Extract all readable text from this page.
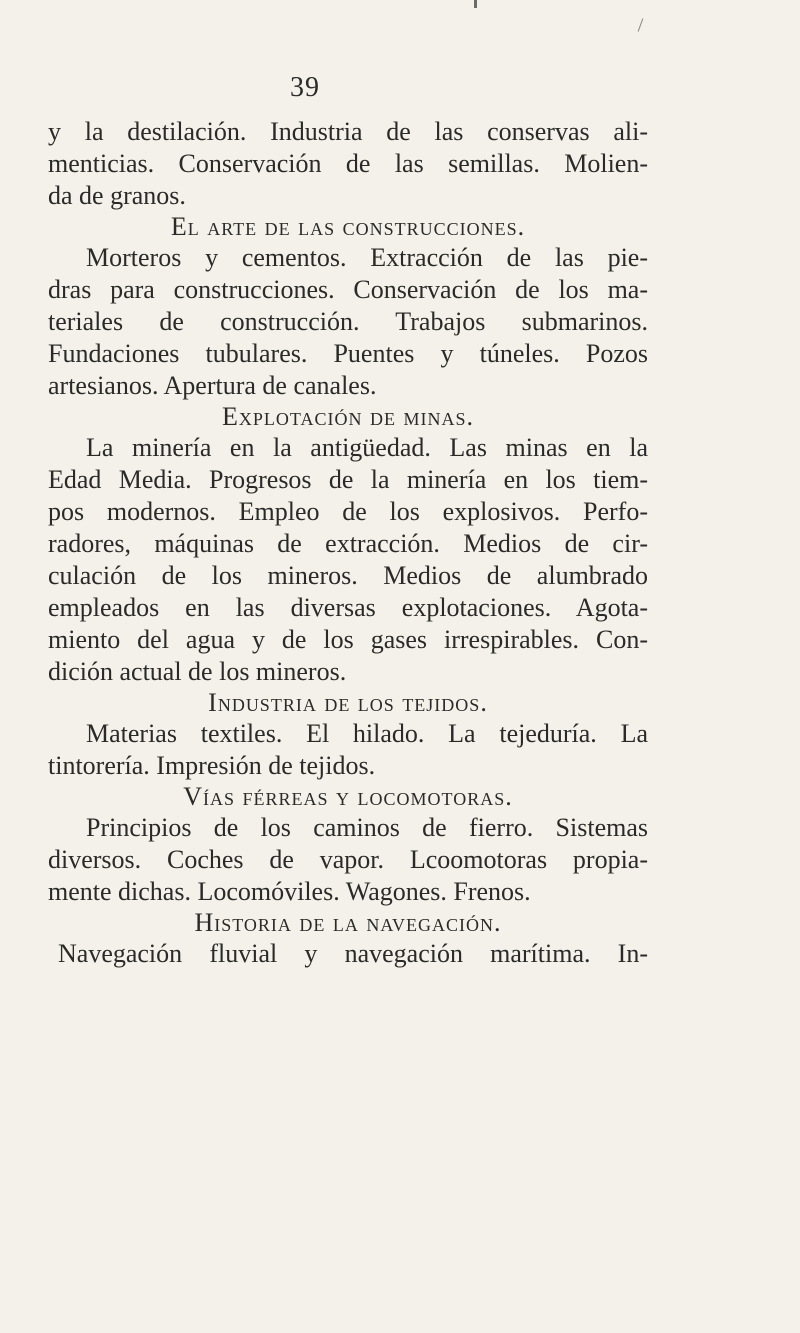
39

y la destilación. Industria de las conservas ali-
menticias. Conservación de las semillas. Molien-
da de granos.

El arte de las construcciones.

Morteros y cementos. Extracción de las pie-
dras para construcciones. Conservación de los ma-
teriales de construcción. Trabajos submarinos.
Fundaciones tubulares. Puentes y túneles. Pozos
artesianos. Apertura de canales.

Explotación de minas.

La minería en la antigüedad. Las minas en la
Edad Media. Progresos de la minería en los tiem-
pos modernos. Empleo de los explosivos. Perfo-
radores, máquinas de extracción. Medios de cir-
culación de los mineros. Medios de alumbrado
empleados en las diversas explotaciones. Agota-
miento del agua y de los gases irrespirables. Con-
dición actual de los mineros.

Industria de los tejidos.

Materias textiles. El hilado. La tejeduría. La
tintorería. Impresión de tejidos.

Vías férreas y locomotoras.

Principios de los caminos de fierro. Sistemas
diversos. Coches de vapor. Lcoomotoras propia-
mente dichas. Locomóviles. Wagones. Frenos.

Historia de la navegación.

Navegación fluvial y navegación marítima. In-
